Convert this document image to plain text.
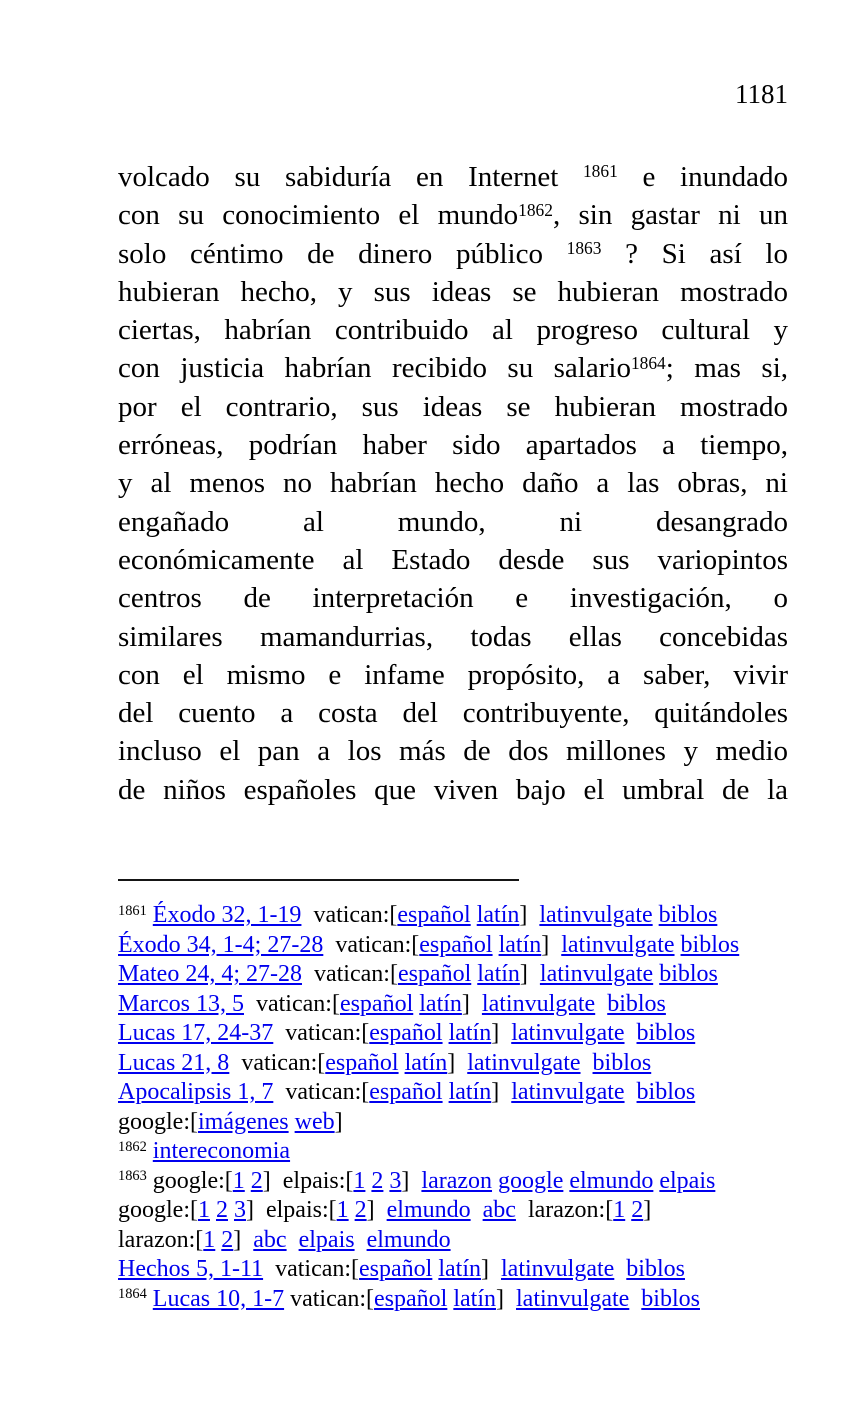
1181
volcado su sabiduría en Internet $^{1861}$ e inundado
con su conocimiento el mundo$^{1862}$, sin gastar ni un
solo céntimo de dinero público $^{1863}$ ? Si así lo
hubieran hecho, y sus ideas se hubieran mostrado
ciertas, habrían contribuido al progreso cultural y
con justicia habrían recibido su salario$^{1864}$; mas si,
por el contrario, sus ideas se hubieran mostrado
erróneas, podrían haber sido apartados a tiempo,
y al menos no habrían hecho daño a las obras, ni
engañado al mundo, ni desangrado
económicamente al Estado desde sus variopintos
centros de interpretación e investigación, o
similares mamandurrias, todas ellas concebidas
con el mismo e infame propósito, a saber, vivir
del cuento a costa del contribuyente, quitándoles
incluso el pan a los más de dos millones y medio
de niños españoles que viven bajo el umbral de la
$^{1861}$ Éxodo 32, 1-19  vatican:[español latín]  latinvulgate biblos
Éxodo 34, 1-4; 27-28  vatican:[español latín]  latinvulgate biblos
Mateo 24, 4; 27-28  vatican:[español latín]  latinvulgate biblos
Marcos 13, 5  vatican:[español latín]  latinvulgate biblos
Lucas 17, 24-37  vatican:[español latín]  latinvulgate biblos
Lucas 21, 8  vatican:[español latín]  latinvulgate biblos
Apocalipsis 1, 7  vatican:[español latín]  latinvulgate biblos
google:[imágenes web]
$^{1862}$ intereconomia
$^{1863}$ google:[1 2]  elpais:[1 2 3]  larazon google elmundo elpais
google:[1 2 3]  elpais:[1 2]  elmundo abc  larazon:[1 2]
larazon:[1 2]  abc elpais elmundo
Hechos 5, 1-11  vatican:[español latín]  latinvulgate biblos
$^{1864}$ Lucas 10, 1-7 vatican:[español latín]  latinvulgate biblos
